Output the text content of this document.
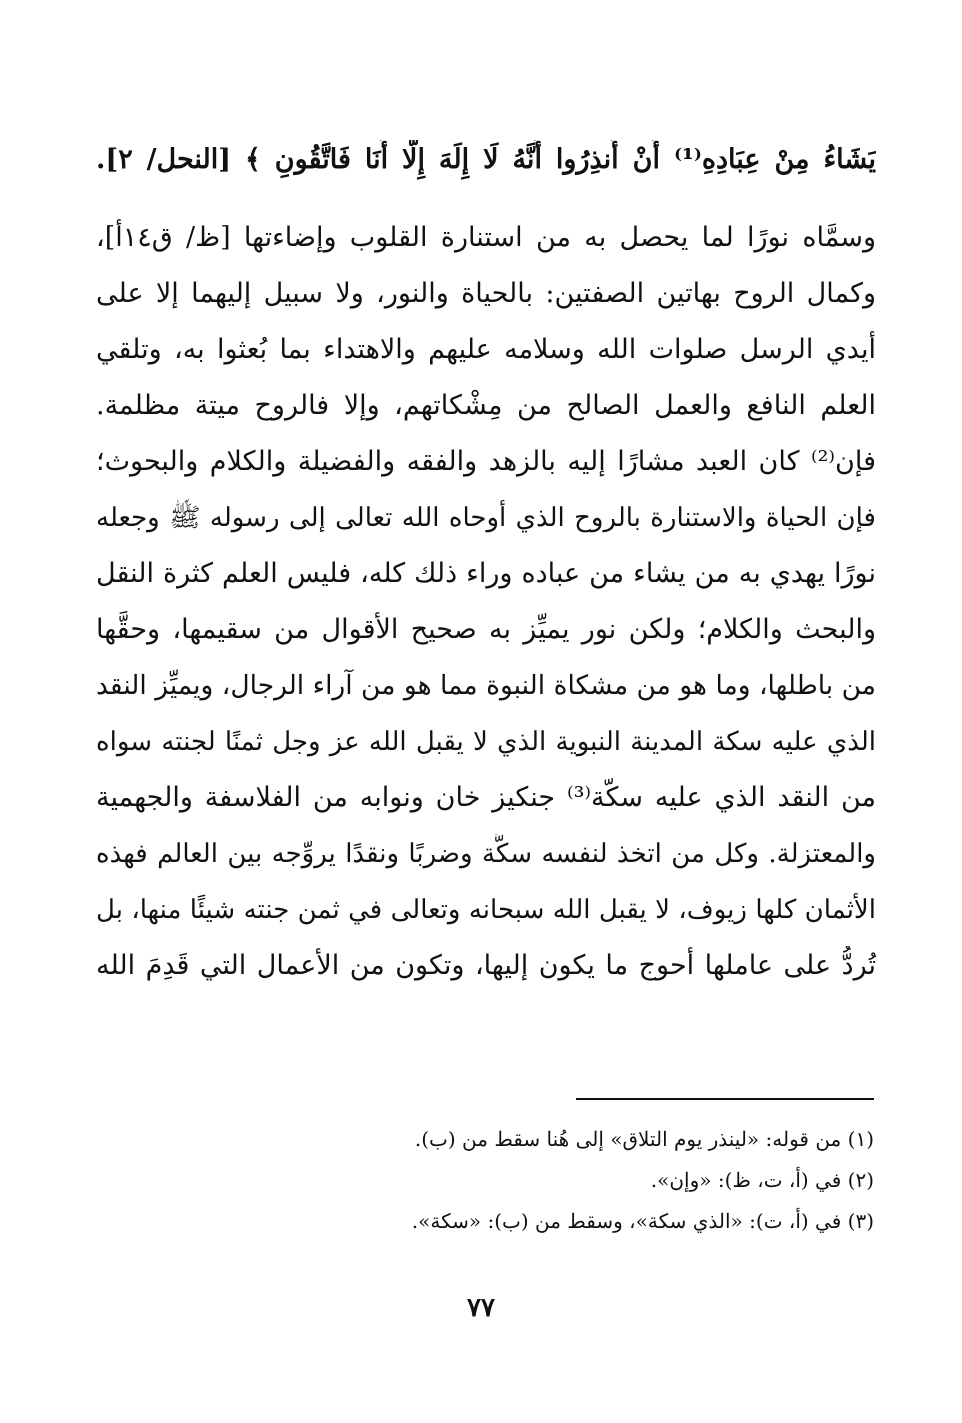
يَشَاءُ مِنْ عِبَادِهِ⁽¹⁾ أَنْ أَنذِرُوا أَنَّهُ لَا إِلَهَ إِلَّا أَنَا فَاتَّقُونِ ﴾ [النحل/ ٢].
وسمَّاه نورًا لما يحصل به من استنارة القلوب وإضاءتها [ظ/ ق١٤أ]،
وكمال الروح بهاتين الصفتين: بالحياة والنور، ولا سبيل إليهما إلا على
أيدي الرسل صلوات الله وسلامه عليهم والاهتداء بما بُعثوا به، وتلقي
العلم النافع والعمل الصالح من مِشْكاتهم، وإلا فالروح ميتة مظلمة.
فإن⁽²⁾ كان العبد مشارًا إليه بالزهد والفقه والفضيلة والكلام والبحوث؛
فإن الحياة والاستنارة بالروح الذي أوحاه الله تعالى إلى رسوله ﷺ وجعله
نورًا يهدي به من يشاء من عباده وراء ذلك كله، فليس العلم كثرة النقل
والبحث والكلام؛ ولكن نور يميِّز به صحيح الأقوال من سقيمها، وحقَّها
من باطلها، وما هو من مشكاة النبوة مما هو من آراء الرجال، ويميِّز النقد
الذي عليه سكة المدينة النبوية الذي لا يقبل الله عز وجل ثمنًا لجنته سواه
من النقد الذي عليه سكَّة⁽³⁾ جنكيز خان ونوابه من الفلاسفة والجهمية
والمعتزلة. وكل من اتخذ لنفسه سكَّة وضربًا ونقدًا يروِّجه بين العالم فهذه
الأثمان كلها زيوف، لا يقبل الله سبحانه وتعالى في ثمن جنته شيئًا منها، بل
تُردُّ على عاملها أحوج ما يكون إليها، وتكون من الأعمال التي قَدِمَ الله
(١) من قوله: «لينذر يوم التلاق» إلى هُنا سقط من (ب).
(٢) في (أ، ت، ظ): «وإن».
(٣) في (أ، ت): «الذي سكة»، وسقط من (ب): «سكة».
٧٧
